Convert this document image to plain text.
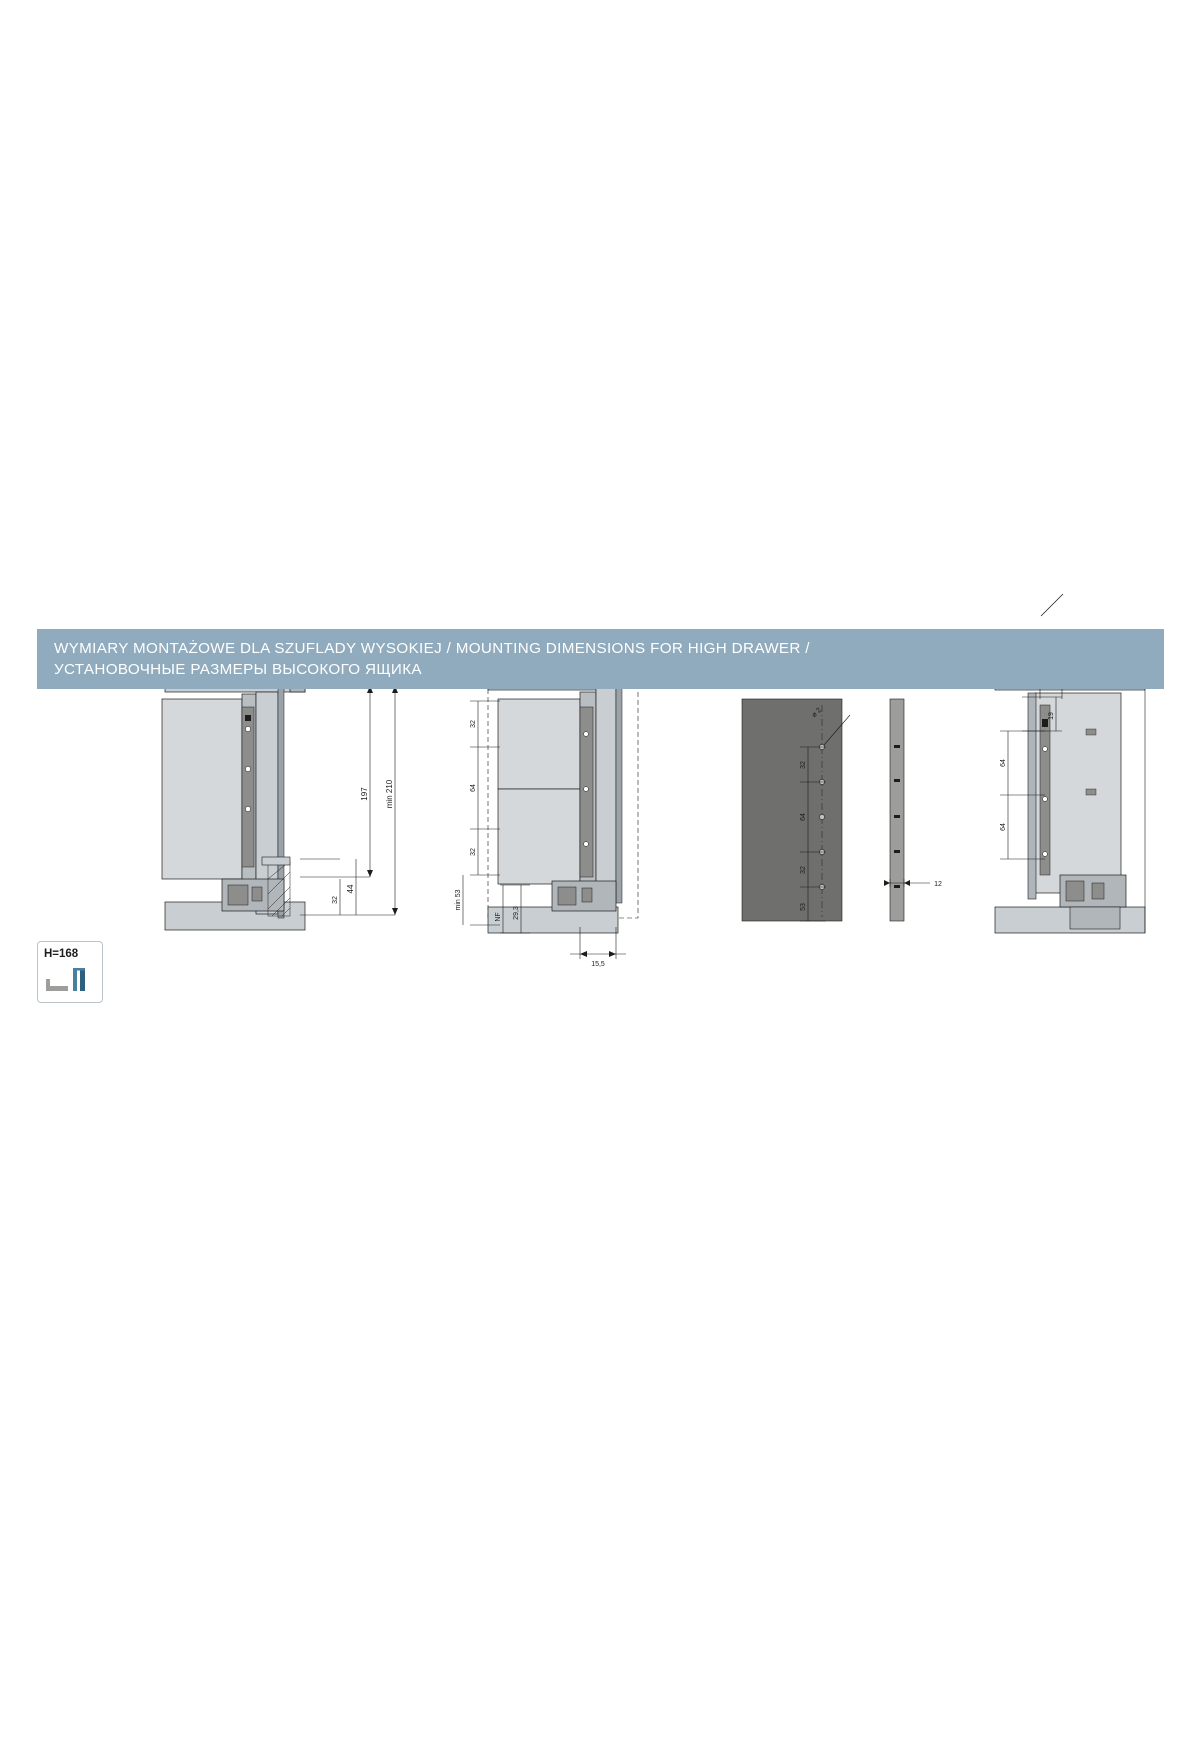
WYMIARY MONTAŻOWE DLA SZUFLADY WYSOKIEJ / MOUNTING DIMENSIONS FOR HIGH DRAWER /
УСТАНОВОЧНЫЕ РАЗМЕРЫ ВЫСОКОГО ЯЩИКА
H=168
197 min 210
44
32
32
64
32
min 53
NF 29,3
15,5
ø 2
32
64
32
53
12
19
64
64
